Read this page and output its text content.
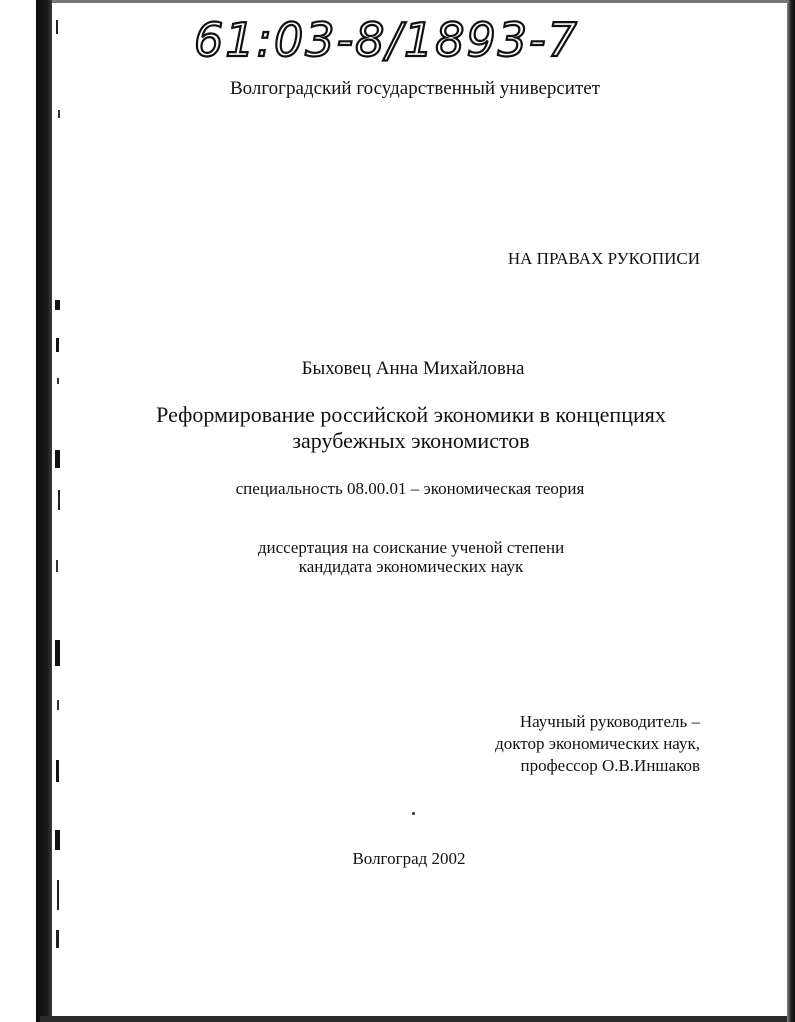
61:03-8/1893-7
Волгоградский государственный университет
НА ПРАВАХ РУКОПИСИ
Быховец Анна Михайловна
Реформирование российской экономики в концепциях
зарубежных экономистов
специальность 08.00.01 – экономическая теория
диссертация на соискание ученой степени
кандидата экономических наук
Научный руководитель –
доктор экономических наук,
профессор О.В.Иншаков
Волгоград 2002
